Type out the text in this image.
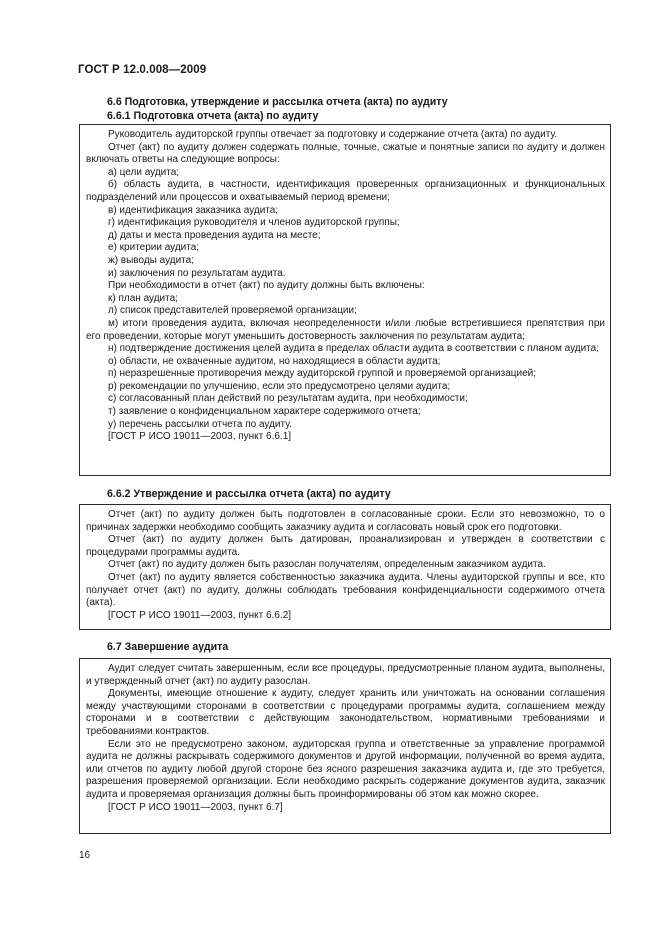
ГОСТ Р 12.0.008—2009
6.6 Подготовка, утверждение и рассылка отчета (акта) по аудиту
6.6.1 Подготовка отчета (акта) по аудиту

Руководитель аудиторской группы отвечает за подготовку и содержание отчета (акта) по аудиту.

Отчет (акт) по аудиту должен содержать полные, точные, сжатые и понятные записи по аудиту и должен включать ответы на следующие вопросы:

а) цели аудита;

б) область аудита, в частности, идентификация проверенных организационных и функциональных подразделений или процессов и охватываемый период времени;

в) идентификация заказчика аудита;

г) идентификация руководителя и членов аудиторской группы;

д) даты и места проведения аудита на месте;

е) критерии аудита;

ж) выводы аудита;

и) заключения по результатам аудита.

При необходимости в отчет (акт) по аудиту должны быть включены:

к) план аудита;

л) список представителей проверяемой организации;

м) итоги проведения аудита, включая неопределенности и/или любые встретившиеся препятствия при его проведении, которые могут уменьшить достоверность заключения по результатам аудита;

н) подтверждение достижения целей аудита в пределах области аудита в соответствии с планом аудита;

о) области, не охваченные аудитом, но находящиеся в области аудита;

п) неразрешенные противоречия между аудиторской группой и проверяемой организацией;

р) рекомендации по улучшению, если это предусмотрено целями аудита;

с) согласованный план действий по результатам аудита, при необходимости;

т) заявление о конфиденциальном характере содержимого отчета;

у) перечень рассылки отчета по аудиту.

[ГОСТ Р ИСО 19011—2003, пункт 6.6.1]

6.6.2 Утверждение и рассылка отчета (акта) по аудиту

Отчет (акт) по аудиту должен быть подготовлен в согласованные сроки. Если это невозможно, то о причинах задержки необходимо сообщить заказчику аудита и согласовать новый срок его подготовки.

Отчет (акт) по аудиту должен быть датирован, проанализирован и утвержден в соответствии с процедурами программы аудита.

Отчет (акт) по аудиту должен быть разослан получателям, определенным заказчиком аудита.

Отчет (акт) по аудиту является собственностью заказчика аудита. Члены аудиторской группы и все, кто получает отчет (акт) по аудиту, должны соблюдать требования конфиденциальности содержимого отчета (акта).

[ГОСТ Р ИСО 19011—2003, пункт 6.6.2]

6.7 Завершение аудита

Аудит следует считать завершенным, если все процедуры, предусмотренные планом аудита, выполнены, и утвержденный отчет (акт) по аудиту разослан.

Документы, имеющие отношение к аудиту, следует хранить или уничтожать на основании соглашения между участвующими сторонами в соответствии с процедурами программы аудита, соглашением между сторонами и в соответствии с действующим законодательством, нормативными требованиями и требованиями контрактов.

Если это не предусмотрено законом, аудиторская группа и ответственные за управление программой аудита не должны раскрывать содержимого документов и другой информации, полученной во время аудита, или отчетов по аудиту любой другой стороне без ясного разрешения заказчика аудита и, где это требуется, разрешения проверяемой организации. Если необходимо раскрыть содержание документов аудита, заказчик аудита и проверяемая организация должны быть проинформированы об этом как можно скорее.

[ГОСТ Р ИСО 19011—2003, пункт 6.7]

16
